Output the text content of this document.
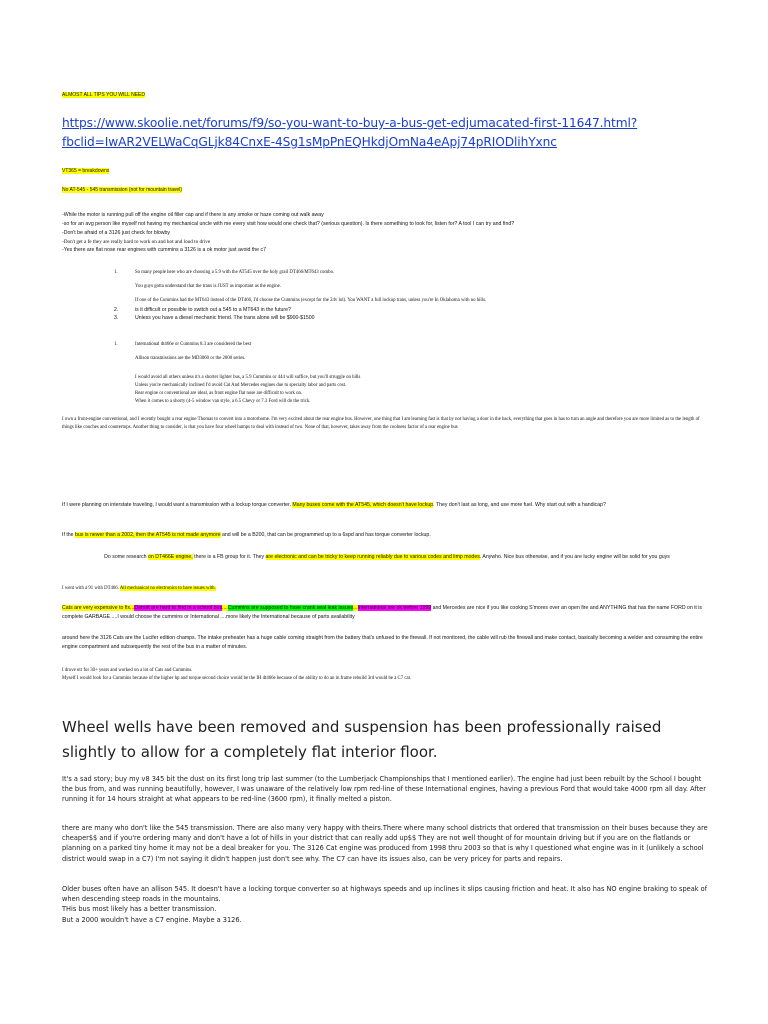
ALMOST ALL TIPS YOU WILL NEED
https://www.skoolie.net/forums/f9/so-you-want-to-buy-a-bus-get-edjumacated-first-11647.html?fbclid=IwAR2VELWaCqGLjk84CnxE-4Sg1sMpPnEQHkdjOmNa4eApj74pRIODlihYxnc
VT365 = breakdowns
No AT-545 - 545 transmission (not for mountain travel)

-While the motor is running pull off the engine oil filler cap and if there is any smoke or haze coming out walk away

-so for an avg person like myself not having my mechanical uncle with me every visit how would one check that? (serious question). Is there something to look for, listen for? A tool I can try and find?

-Don't be afraid of a 3126 just check for blowby

-Don't get a fe they are really hard to work on and hot and loud to drive

-Yes there are flat nose rear engines with cummins a 3126 is a ok motor just avoid the c7

1.	So many people here who are choosing a 5.9 with the AT545 over the holy grail DT466/MT643 combo.
You guys gotta understand that the trans is JUST as important as the engine.
If one of the Cummins had the MT643 instead of the DT466, I'd choose the Cummins (except for the 24v lol). You WANT a full lockup trans, unless you're In Oklahoma with no hills.
2.	is it difficult or possible to switch out a 545 to a MT643 in the future?
3.	Unless you have a diesel mechanic friend. The trans alone will be $900-$1500
1.	International dt466e or Cummins 8.3 are considered the best
Allison transmissions are the MD3060 or the 2000 series.

I would avoid all others unless it's a shorter lighter bus, a 5.9 Cummins or 444 will suffice, but you'll struggle on hills

Unless you're mechanically inclined I'd avoid Cat And Mercedes engines due to specialty labor and parts cost.

Rear engine or conventional are ideal, as front engine flat nose are difficult to work on.

When it comes to a shorty (4-5 window van style, a 6.5 Chevy or 7.3 Ford will do the trick.

I own a front-engine conventional, and I recently bought a rear engine Thomas to convert into a motorhome. I'm very excited about the rear engine bus. However, one thing that I am learning fast is that by not having a door in the back, everything that goes in has to turn an angle and therefore you are more limited as to the length of things like couches and countertops. Another thing to consider, is that you have four wheel humps to deal with instead of two. None of that, however, takes away from the coolness factor of a rear engine bus
If I were planning on interstate traveling, I would want a transmission with a lockup torque converter. Many buses come with the AT545, which doesn't have lockup. They don't last as long, and use more fuel. Why start out with a handicap?
If the bus is newer than a 2002, then the AT545 is not made anymore and will be a B200, that can be programmed up to a 6spd and has torque converter lockup.
Do some research on DT466E engine, there is a FB group for it. They are electronic and can be tricky to keep running reliably due to various codes and limp modes. Anywho. Nice bus otherwise, and if you are lucky engine will be solid for you guys
I went with a 91 with DT466. All mechanical no electronics to have issues with.
Cats are very expensive to fix...Detroit are hard to find in a school bus....Cummins are supposed to have crank seal leak issues...International are ok before 1999 and Mercedes are nice if you like cooking S'mores over an open fire and ANYTHING that has the name FORD on it is complete GARBAGE.....I would choose the cummins or International ....more likely the International because of parts availability
around here the 3126 Cats are the Lucifer edition champs. The intake preheater has a huge cable coming straight from the battery that's unfused to the firewall. If not monitored, the cable will rub the firewall and make contact, basically becoming a welder and consuming the entire engine compartment and subsequently the rest of the bus in a matter of minutes.

I drove otr for 30+ years and worked on a lot of Cats and Cummins.

Myself I would look for a Cummins because of the higher hp and torque second choice would be the IH dt466e because of the ability to do an in frame rebuild 3rd would be a C7 cat.

Wheel wells have been removed and suspension has been professionally raised slightly to allow for a completely flat interior floor.
It's a sad story; buy my v8 345 bit the dust on its first long trip last summer (to the Lumberjack Championships that I mentioned earlier). The engine had just been rebuilt by the School I bought the bus from, and was running beautifully, however, I was unaware of the relatively low rpm red-line of these International engines, having a previous Ford that would take 4000 rpm all day. After running it for 14 hours straight at what appears to be red-line (3600 rpm), it finally melted a piston.
there are many who don't like the 545 transmission. There are also many very happy with theirs.There where many school districts that ordered that transmission on their buses because they are cheaper$$ and if you're ordering many and don't have a lot of hills in your district that can really add up$$ They are not well thought of for mountain driving but if you are on the flatlands or planning on a parked tiny home it may not be a deal breaker for you. The 3126 Cat engine was produced from 1998 thru 2003 so that is why I questioned what engine was in it (unlikely a school district would swap in a C7) I'm not saying it didn't happen just don't see why. The C7 can have its issues also, can be very pricey for parts and repairs.

Older buses often have an allison 545. It doesn't have a locking torque converter so at highways speeds and up inclines it slips causing friction and heat. It also has NO engine braking to speak of when descending steep roads in the mountains.

THis bus most likely has a better transmission.

But a 2000 wouldn't have a C7 engine. Maybe a 3126.
